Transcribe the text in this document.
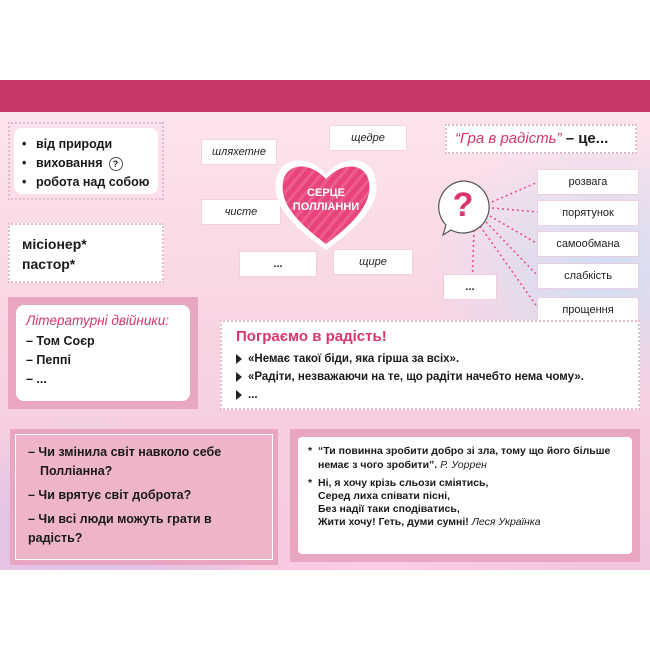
• від природи
• виховання ?
• робота над собою
місіонер*
пастор*
шляхетне
щедре
чисте
щире
...
СЕРЦЕ
ПОЛЛІАННИ
“Гра в радість” – це...
?
розвага
порятунок
самообмана
слабкість
прощення
...
Літературні двійники:
– Том Соєр
– Пеппі
– ...
Пограємо в радість!
«Немає такої біди, яка гірша за всіх».
«Радіти, незважаючи на те, що радіти начебто нема чому».
...
– Чи змінила світ навколо себе
Полліанна?
– Чи врятує світ доброта?
– Чи всі люди можуть грати в радість?
* “Ти повинна зробити добро зі зла, тому що його більше
немає з чого зробити”. Р. Уоррен
* Ні, я хочу крізь сльози сміятись,
Серед лиха співати пісні,
Без надії таки сподіватись,
Жити хочу! Геть, думи сумні! Леся Українка
